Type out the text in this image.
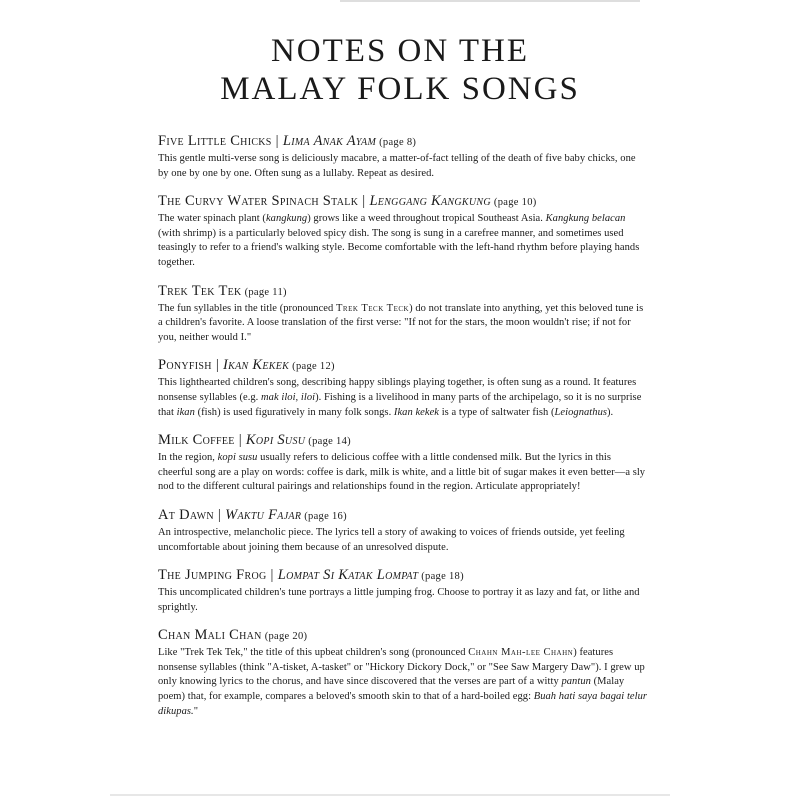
NOTES ON THE
MALAY FOLK SONGS
Five Little Chicks | Lima Anak Ayam (page 8)

This gentle multi-verse song is deliciously macabre, a matter-of-fact telling of the death of five baby chicks, one by one by one by one. Often sung as a lullaby. Repeat as desired.

The Curvy Water Spinach Stalk | Lenggang Kangkung (page 10)

The water spinach plant (kangkung) grows like a weed throughout tropical Southeast Asia. Kangkung belacan (with shrimp) is a particularly beloved spicy dish. The song is sung in a carefree manner, and sometimes used teasingly to refer to a friend's walking style. Become comfortable with the left-hand rhythm before playing hands together.

Trek Tek Tek (page 11)

The fun syllables in the title (pronounced Trek Teck Teck) do not translate into anything, yet this beloved tune is a children's favorite. A loose translation of the first verse: "If not for the stars, the moon wouldn't rise; if not for you, neither would I."

Ponyfish | Ikan Kekek (page 12)

This lighthearted children's song, describing happy siblings playing together, is often sung as a round. It features nonsense syllables (e.g. mak iloi, iloi). Fishing is a livelihood in many parts of the archipelago, so it is no surprise that ikan (fish) is used figuratively in many folk songs. Ikan kekek is a type of saltwater fish (Leiognathus).

Milk Coffee | Kopi Susu (page 14)

In the region, kopi susu usually refers to delicious coffee with a little condensed milk. But the lyrics in this cheerful song are a play on words: coffee is dark, milk is white, and a little bit of sugar makes it even better—a sly nod to the different cultural pairings and relationships found in the region. Articulate appropriately!

At Dawn | Waktu Fajar (page 16)

An introspective, melancholic piece. The lyrics tell a story of awaking to voices of friends outside, yet feeling uncomfortable about joining them because of an unresolved dispute.

The Jumping Frog | Lompat Si Katak Lompat (page 18)

This uncomplicated children's tune portrays a little jumping frog. Choose to portray it as lazy and fat, or lithe and sprightly.

Chan Mali Chan (page 20)

Like "Trek Tek Tek," the title of this upbeat children's song (pronounced Chahn Mah-lee Chahn) features nonsense syllables (think "A-tisket, A-tasket" or "Hickory Dickory Dock," or "See Saw Margery Daw"). I grew up only knowing lyrics to the chorus, and have since discovered that the verses are part of a witty pantun (Malay poem) that, for example, compares a beloved's smooth skin to that of a hard-boiled egg: Buah hati saya bagai telur dikupas."
